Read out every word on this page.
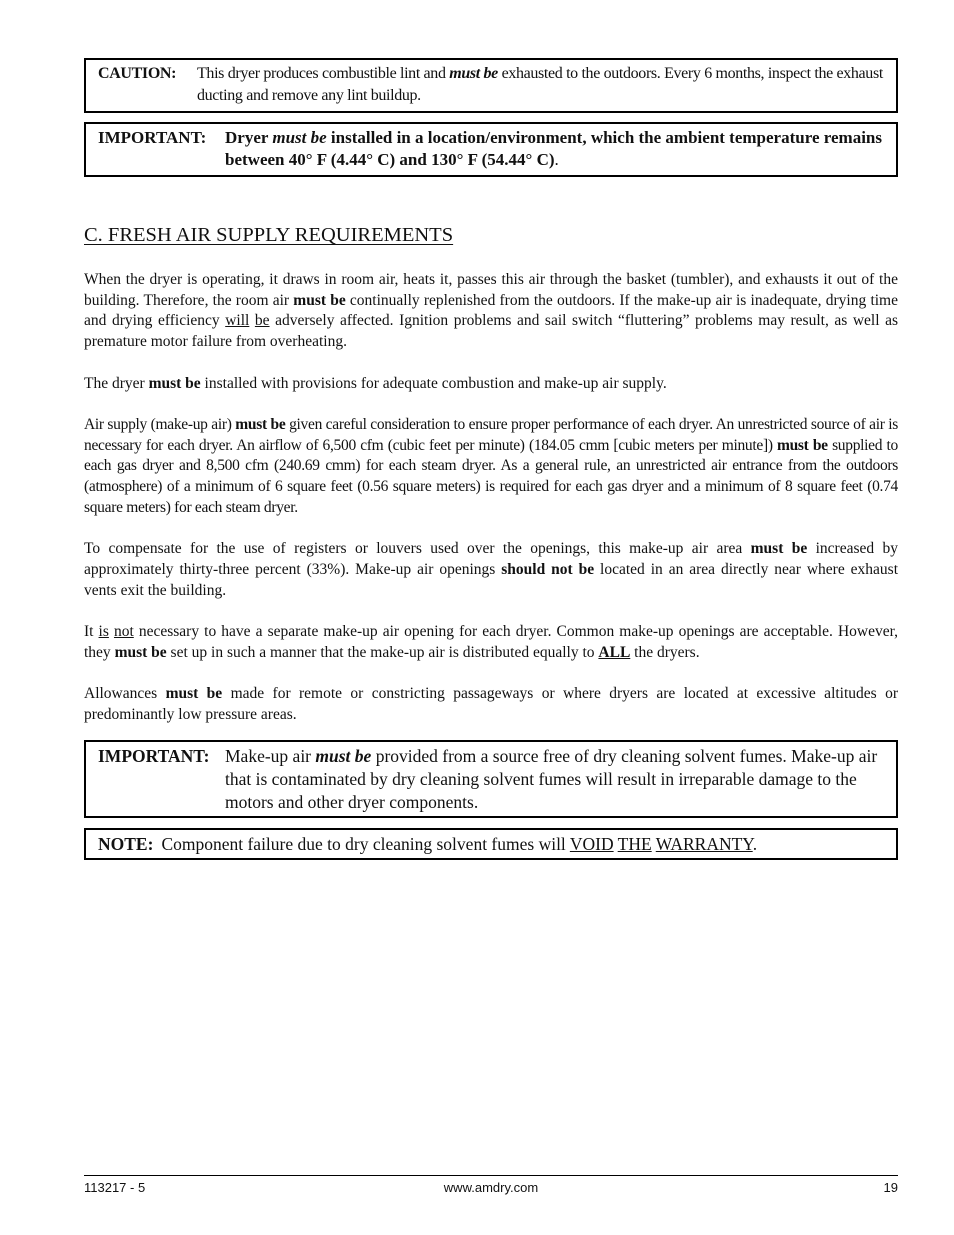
CAUTION: This dryer produces combustible lint and must be exhausted to the outdoors. Every 6 months, inspect the exhaust ducting and remove any lint buildup.
IMPORTANT: Dryer must be installed in a location/environment, which the ambient temperature remains between 40° F (4.44° C) and 130° F (54.44° C).
C. FRESH AIR SUPPLY REQUIREMENTS

When the dryer is operating, it draws in room air, heats it, passes this air through the basket (tumbler), and exhausts it out of the building. Therefore, the room air must be continually replenished from the outdoors. If the make-up air is inadequate, drying time and drying efficiency will be adversely affected. Ignition problems and sail switch “fluttering” problems may result, as well as premature motor failure from overheating.

The dryer must be installed with provisions for adequate combustion and make-up air supply.

Air supply (make-up air) must be given careful consideration to ensure proper performance of each dryer. An unrestricted source of air is necessary for each dryer. An airflow of 6,500 cfm (cubic feet per minute) (184.05 cmm [cubic meters per minute]) must be supplied to each gas dryer and 8,500 cfm (240.69 cmm) for each steam dryer. As a general rule, an unrestricted air entrance from the outdoors (atmosphere) of a minimum of 6 square feet (0.56 square meters) is required for each gas dryer and a minimum of 8 square feet (0.74 square meters) for each steam dryer.

To compensate for the use of registers or louvers used over the openings, this make-up air area must be increased by approximately thirty-three percent (33%). Make-up air openings should not be located in an area directly near where exhaust vents exit the building.

It is not necessary to have a separate make-up air opening for each dryer. Common make-up openings are acceptable. However, they must be set up in such a manner that the make-up air is distributed equally to ALL the dryers.

Allowances must be made for remote or constricting passageways or where dryers are located at excessive altitudes or predominantly low pressure areas.

IMPORTANT: Make-up air must be provided from a source free of dry cleaning solvent fumes. Make-up air that is contaminated by dry cleaning solvent fumes will result in irreparable damage to the motors and other dryer components.
NOTE: Component failure due to dry cleaning solvent fumes will VOID THE WARRANTY.
113217 - 5	www.amdry.com	19
